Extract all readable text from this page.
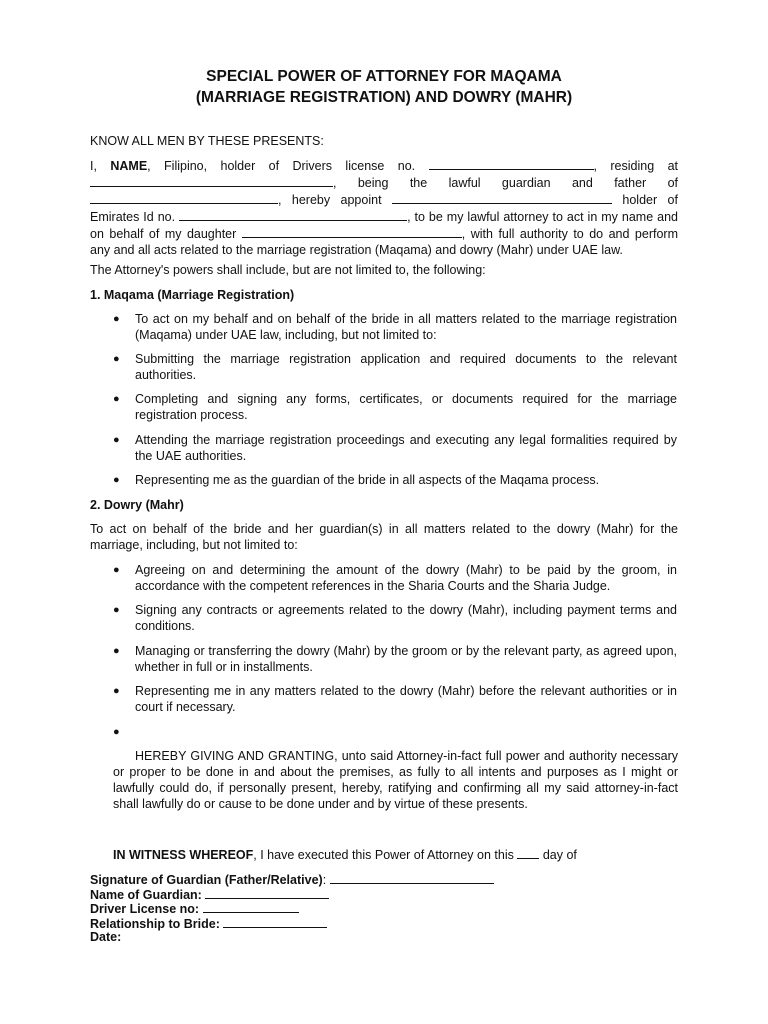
SPECIAL POWER OF ATTORNEY FOR MAQAMA
(MARRIAGE REGISTRATION) AND DOWRY (MAHR)
KNOW ALL MEN BY THESE PRESENTS:
I, NAME, Filipino, holder of Drivers license no.	, residing at
, being the lawful guardian and father of
, hereby appoint	holder of
Emirates Id no.	, to be my lawful attorney to act in my name and
on behalf of my daughter	, with full authority to do and perform
any and all acts related to the marriage registration (Maqama) and dowry (Mahr) under UAE law.
The Attorney's powers shall include, but are not limited to, the following:
1. Maqama (Marriage Registration)
● To act on my behalf and on behalf of the bride in all matters related to the marriage registration (Maqama) under UAE law, including, but not limited to:
● Submitting the marriage registration application and required documents to the relevant authorities.
● Completing and signing any forms, certificates, or documents required for the marriage registration process.
● Attending the marriage registration proceedings and executing any legal formalities required by the UAE authorities.
● Representing me as the guardian of the bride in all aspects of the Maqama process.
2. Dowry (Mahr)
To act on behalf of the bride and her guardian(s) in all matters related to the dowry (Mahr) for the marriage, including, but not limited to:
● Agreeing on and determining the amount of the dowry (Mahr) to be paid by the groom, in accordance with the competent references in the Sharia Courts and the Sharia Judge.
● Signing any contracts or agreements related to the dowry (Mahr), including payment terms and conditions.
● Managing or transferring the dowry (Mahr) by the groom or by the relevant party, as agreed upon, whether in full or in installments.
● Representing me in any matters related to the dowry (Mahr) before the relevant authorities or in court if necessary.
●
HEREBY GIVING AND GRANTING, unto said Attorney-in-fact full power and authority necessary or proper to be done in and about the premises, as fully to all intents and purposes as I might or lawfully could do, if personally present, hereby, ratifying and confirming all my said attorney-in-fact shall lawfully do or cause to be done under and by virtue of these presents.
IN WITNESS WHEREOF, I have executed this Power of Attorney on this day of
Signature of Guardian (Father/Relative):
Name of Guardian:
Driver License no:
Relationship to Bride:
Date:
